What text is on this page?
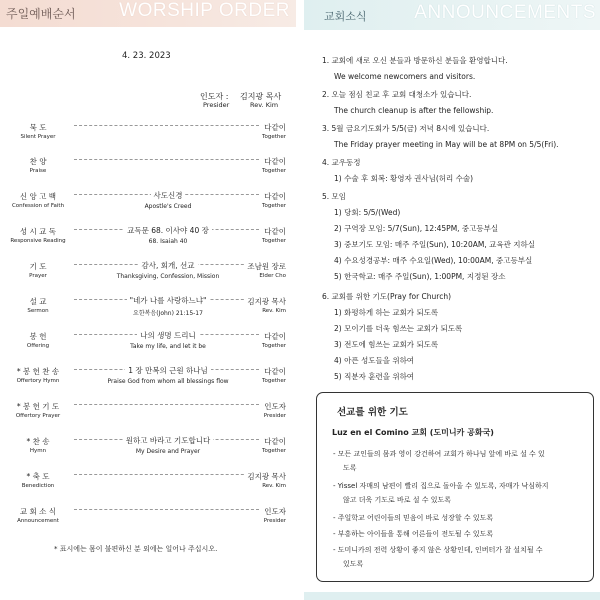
주일예배순서 WORSHIP ORDER
4. 23. 2023
인도자 : 김지광 목사
Presider	Rev. Kim
묵 도
Silent Prayer
다같이
Together
찬 양
Praise
다같이
Together
신 앙 고 백
Confession of Faith
사도신경
Apostle's Creed
다같이
Together
성 시 교 독
Responsive Reading
교독문 68. 이사야 40 장
68. Isaiah 40
다같이
Together
기 도
Prayer
감사, 회개, 선교
Thanksgiving, Confession, Mission
조남원 장로
Elder Cho
설 교
Sermon
"네가 나를 사랑하느냐"
요한복음(John) 21:15-17
김지광 목사
Rev. Kim
봉 헌
Offering
나의 생명 드리니
Take my life, and let it be
다같이
Together
* 봉 헌 찬 송
Offertory Hymn
1 장 만복의 근원 하나님
Praise God from whom all blessings flow
다같이
Together
* 봉 헌 기 도
Offertory Prayer
인도자
Presider
* 찬 송
Hymn
원하고 바라고 기도합니다
My Desire and Prayer
다같이
Together
* 축 도
Benediction
김지광 목사
Rev. Kim
교 회 소 식
Announcement
인도자
Presider
* 표시에는 몸이 불편하신 분 외에는 일어나 주십시오.
교회소식	ANNOUNCEMENTS
1. 교회에 새로 오신 분들과 방문하신 분들을 환영합니다.
We welcome newcomers and visitors.
2. 오늘 점심 친교 후 교회 대청소가 있습니다.
The church cleanup is after the fellowship.
3. 5월 금요기도회가 5/5(금) 저녁 8시에 있습니다.
The Friday prayer meeting in May will be at 8PM on 5/5(Fri).
4. 교우동정
1) 수술 후 회복: 황영자 권사님(허리 수술)
5. 모임
1) 당회: 5/5/(Wed)
2) 구역장 모임: 5/7(Sun), 12:45PM, 중고등부실
3) 중보기도 모임: 매주 주일(Sun), 10:20AM, 교육관 지하실
4) 수요성경공부: 매주 수요일(Wed), 10:00AM, 중고등부실
5) 한국학교: 매주 주일(Sun), 1:00PM, 지정된 장소
6. 교회를 위한 기도(Pray for Church)
1) 화평하게 하는 교회가 되도록
2) 모이기를 더욱 힘쓰는 교회가 되도록
3) 전도에 힘쓰는 교회가 되도록
4) 아픈 성도들을 위하여
5) 직분자 훈련을 위하여
선교를 위한 기도
Luz en el Comino 교회 (도미니카 공화국)
- 모든 교인들의 몸과 영이 강건하여 교회가 하나님 앞에 바로 설 수 있
도록
- Yissel 자매의 남편이 빨리 집으로 돌아올 수 있도록, 자매가 낙심하지
않고 더욱 기도로 바로 설 수 있도록
- 주일학교 어린이들의 믿음이 바로 성장할 수 있도록
- 부흥하는 아이들을 통해 어른들이 전도될 수 있도록
- 도미니카의 전력 상황이 좋지 않은 상황인데, 인버터가 잘 설치될 수
있도록
